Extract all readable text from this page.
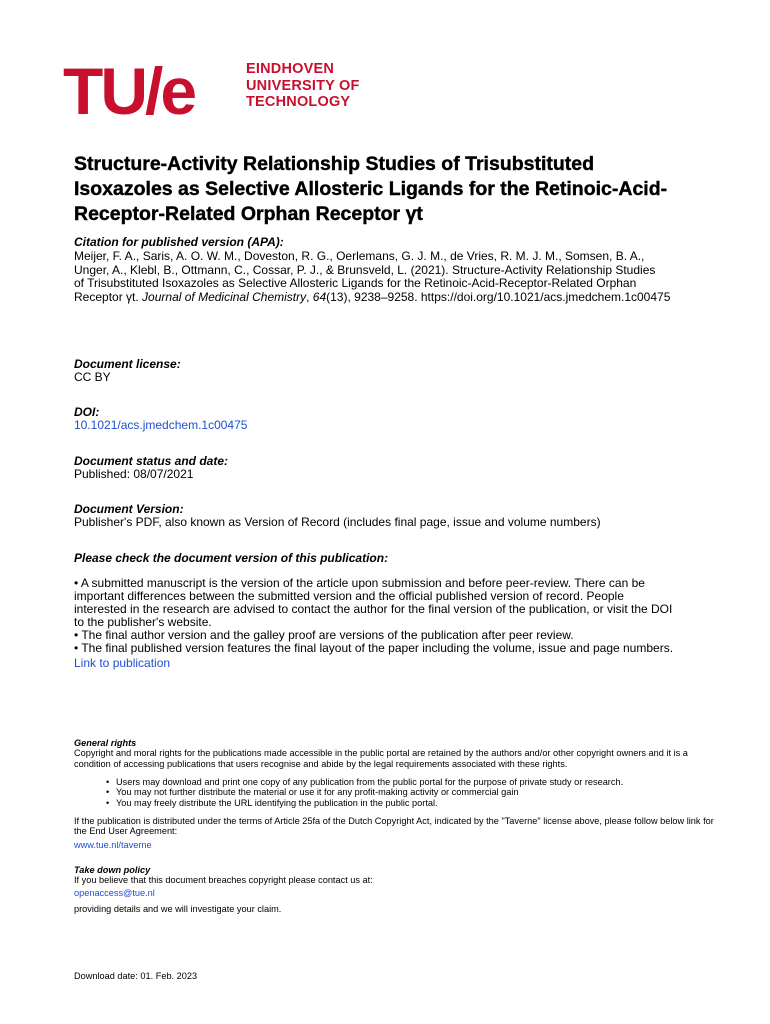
TU/e	EINDHOVEN
UNIVERSITY OF
TECHNOLOGY
Structure-Activity Relationship Studies of Trisubstituted Isoxazoles as Selective Allosteric Ligands for the Retinoic-Acid-Receptor-Related Orphan Receptor γt
Citation for published version (APA):
Meijer, F. A., Saris, A. O. W. M., Doveston, R. G., Oerlemans, G. J. M., de Vries, R. M. J. M., Somsen, B. A.,
Unger, A., Klebl, B., Ottmann, C., Cossar, P. J., & Brunsveld, L. (2021). Structure-Activity Relationship Studies
of Trisubstituted Isoxazoles as Selective Allosteric Ligands for the Retinoic-Acid-Receptor-Related Orphan
Receptor γt. Journal of Medicinal Chemistry, 64(13), 9238–9258. https://doi.org/10.1021/acs.jmedchem.1c00475
Document license:
CC BY
DOI:
10.1021/acs.jmedchem.1c00475
Document status and date:
Published: 08/07/2021
Document Version:
Publisher's PDF, also known as Version of Record (includes final page, issue and volume numbers)
Please check the document version of this publication:
• A submitted manuscript is the version of the article upon submission and before peer-review. There can be important differences between the submitted version and the official published version of record. People interested in the research are advised to contact the author for the final version of the publication, or visit the DOI to the publisher's website.
• The final author version and the galley proof are versions of the publication after peer review.
• The final published version features the final layout of the paper including the volume, issue and page numbers.
Link to publication
General rights
Copyright and moral rights for the publications made accessible in the public portal are retained by the authors and/or other copyright owners and it is a condition of accessing publications that users recognise and abide by the legal requirements associated with these rights.
• Users may download and print one copy of any publication from the public portal for the purpose of private study or research.
• You may not further distribute the material or use it for any profit-making activity or commercial gain
• You may freely distribute the URL identifying the publication in the public portal.
If the publication is distributed under the terms of Article 25fa of the Dutch Copyright Act, indicated by the "Taverne" license above, please follow below link for the End User Agreement:
www.tue.nl/taverne
Take down policy
If you believe that this document breaches copyright please contact us at:
openaccess@tue.nl
providing details and we will investigate your claim.
Download date: 01. Feb. 2023
